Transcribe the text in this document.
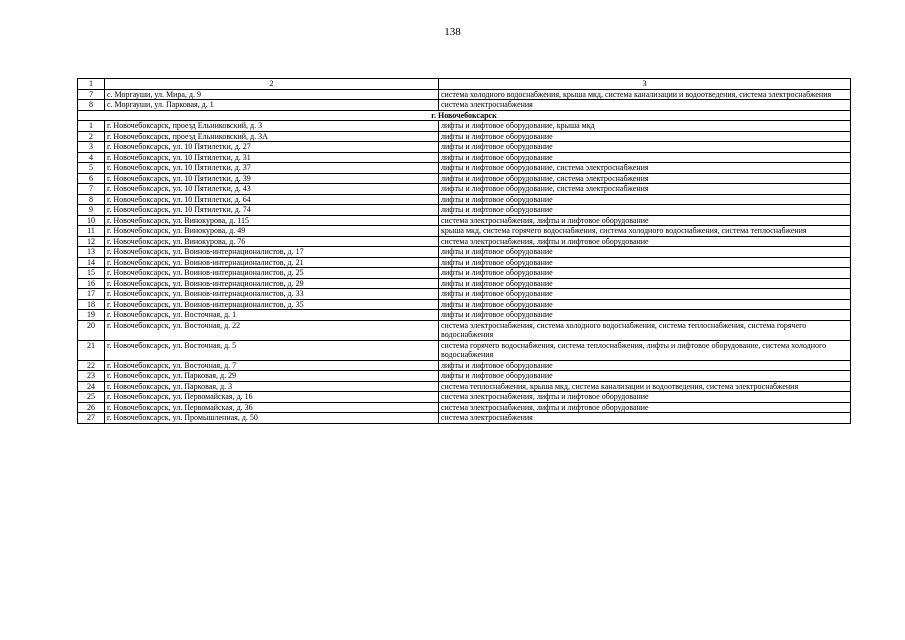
138
1	2	3
7	с. Моргауши, ул. Мира, д. 9	система холодного водоснабжения, крыша мкд, система канализации и водоотведения, система электроснабжения
8	с. Моргауши, ул. Парковая, д. 1	система электроснабжения
г. Новочебоксарск		
1	г. Новочебоксарск, проезд Ельниковский, д. 3	лифты и лифтовое оборудование, крыша мкд
2	г. Новочебоксарск, проезд Ельниковский, д. 3А	лифты и лифтовое оборудование
3	г. Новочебоксарск, ул. 10 Пятилетки, д. 27	лифты и лифтовое оборудование
4	г. Новочебоксарск, ул. 10 Пятилетки, д. 31	лифты и лифтовое оборудование
5	г. Новочебоксарск, ул. 10 Пятилетки, д. 37	лифты и лифтовое оборудование, система электроснабжения
6	г. Новочебоксарск, ул. 10 Пятилетки, д. 39	лифты и лифтовое оборудование, система электроснабжения
7	г. Новочебоксарск, ул. 10 Пятилетки, д. 43	лифты и лифтовое оборудование, система электроснабжения
8	г. Новочебоксарск, ул. 10 Пятилетки, д. 64	лифты и лифтовое оборудование
9	г. Новочебоксарск, ул. 10 Пятилетки, д. 74	лифты и лифтовое оборудование
10	г. Новочебоксарск, ул. Винокурова, д. 115	система электроснабжения, лифты и лифтовое оборудование
11	г. Новочебоксарск, ул. Винокурова, д. 49	крыша мкд, система горячего водоснабжения, система холодного водоснабжения, система теплоснабжения
12	г. Новочебоксарск, ул. Винокурова, д. 76	система электроснабжения, лифты и лифтовое оборудование
13	г. Новочебоксарск, ул. Воинов-интернационалистов, д. 17	лифты и лифтовое оборудование
14	г. Новочебоксарск, ул. Воинов-интернационалистов, д. 21	лифты и лифтовое оборудование
15	г. Новочебоксарск, ул. Воинов-интернационалистов, д. 25	лифты и лифтовое оборудование
16	г. Новочебоксарск, ул. Воинов-интернационалистов, д. 29	лифты и лифтовое оборудование
17	г. Новочебоксарск, ул. Воинов-интернационалистов, д. 33	лифты и лифтовое оборудование
18	г. Новочебоксарск, ул. Воинов-интернационалистов, д. 35	лифты и лифтовое оборудование
19	г. Новочебоксарск, ул. Восточная, д. 1	лифты и лифтовое оборудование
20	г. Новочебоксарск, ул. Восточная, д. 22	система электроснабжения, система холодного водоснабжения, система теплоснабжения, система горячего водоснабжения
21	г. Новочебоксарск, ул. Восточная, д. 5	система горячего водоснабжения, система теплоснабжения, лифты и лифтовое оборудование, система холодного водоснабжения
22	г. Новочебоксарск, ул. Восточная, д. 7	лифты и лифтовое оборудование
23	г. Новочебоксарск, ул. Парковая, д. 29	лифты и лифтовое оборудование
24	г. Новочебоксарск, ул. Парковая, д. 3	система теплоснабжения, крыша мкд, система канализации и водоотведения, система электроснабжения
25	г. Новочебоксарск, ул. Первомайская, д. 16	система электроснабжения, лифты и лифтовое оборудование
26	г. Новочебоксарск, ул. Первомайская, д. 36	система электроснабжения, лифты и лифтовое оборудование
27	г. Новочебоксарск, ул. Промышленная, д. 50	система электроснабжения
